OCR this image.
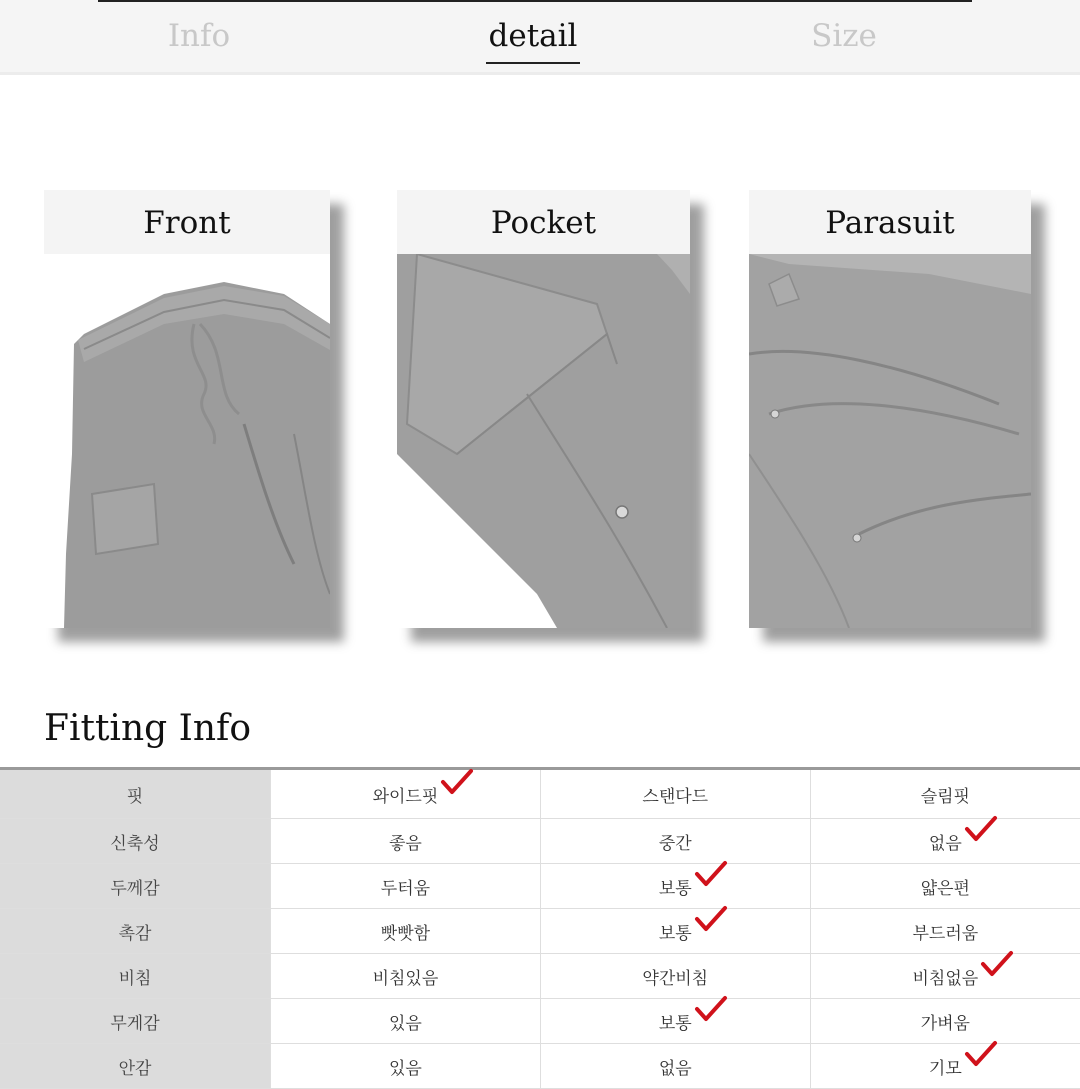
Info	detail	Size
Front	Pocket	Parasuit
Fitting Info
핏	와이드핏	스탠다드	슬림핏
신축성	좋음	중간	없음

두께감	두터움	보통	얇은편
촉감	빳빳함	보통	부드러움
비침	비침있음	약간비침	비침없음

무게감	있음	보통	가벼움
안감	있음	없음	기모
